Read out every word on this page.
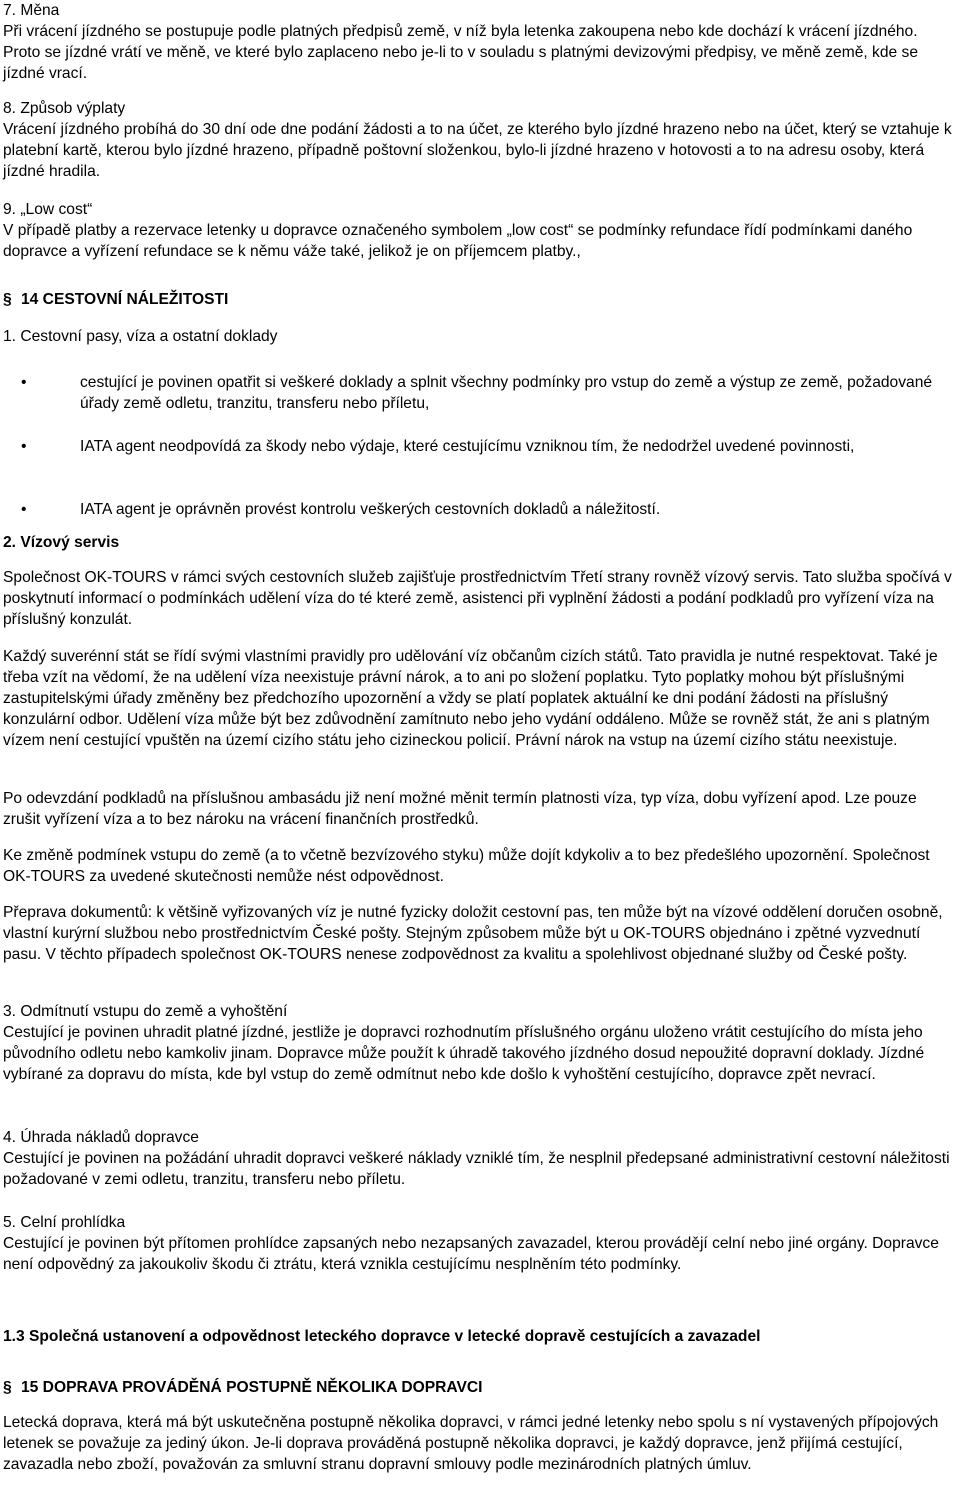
7. Měna

Při vrácení jízdného se postupuje podle platných předpisů země, v níž byla letenka zakoupena nebo kde dochází k vrácení jízdného. Proto se jízdné vrátí ve měně, ve které bylo zaplaceno nebo je-li to v souladu s platnými devizovými předpisy, ve měně země, kde se jízdné vrací.

8. Způsob výplaty

Vrácení jízdného probíhá do 30 dní ode dne podání žádosti a to na účet, ze kterého bylo jízdné hrazeno nebo na účet, který se vztahuje k platební kartě, kterou bylo jízdné hrazeno, případně poštovní složenkou, bylo-li jízdné hrazeno v hotovosti a to na adresu osoby, která jízdné hradila.

9. „Low cost“

V případě platby a rezervace letenky u dopravce označeného symbolem „low cost“ se podmínky refundace řídí podmínkami daného dopravce a vyřízení refundace se k němu váže také, jelikož je on příjemcem platby.,

§ 14 CESTOVNÍ NÁLEŽITOSTI

1. Cestovní pasy, víza a ostatní doklady

•	cestující je povinen opatřit si veškeré doklady a splnit všechny podmínky pro vstup do země a výstup ze země, požadované úřady země odletu, tranzitu, transferu nebo příletu,

•	IATA agent neodpovídá za škody nebo výdaje, které cestujícímu vzniknou tím, že nedodržel uvedené povinnosti,

•	IATA agent je oprávněn provést kontrolu veškerých cestovních dokladů a náležitostí.

2. Vízový servis

Společnost OK-TOURS v rámci svých cestovních služeb zajišťuje prostřednictvím Třetí strany rovněž vízový servis. Tato služba spočívá v poskytnutí informací o podmínkách udělení víza do té které země, asistenci při vyplnění žádosti a podání podkladů pro vyřízení víza na příslušný konzulát.

Každý suverénní stát se řídí svými vlastními pravidly pro udělování víz občanům cizích států. Tato pravidla je nutné respektovat. Také je třeba vzít na vědomí, že na udělení víza neexistuje právní nárok, a to ani po složení poplatku. Tyto poplatky mohou být příslušnými zastupitelskými úřady změněny bez předchozího upozornění a vždy se platí poplatek aktuální ke dni podání žádosti na příslušný konzulární odbor. Udělení víza může být bez zdůvodnění zamítnuto nebo jeho vydání oddáleno. Může se rovněž stát, že ani s platným vízem není cestující vpuštěn na území cizího státu jeho cizineckou policií. Právní nárok na vstup na území cizího státu neexistuje.

Po odevzdání podkladů na příslušnou ambasádu již není možné měnit termín platnosti víza, typ víza, dobu vyřízení apod. Lze pouze zrušit vyřízení víza a to bez nároku na vrácení finančních prostředků.

Ke změně podmínek vstupu do země (a to včetně bezvízového styku) může dojít kdykoliv a to bez předešlého upozornění. Společnost OK-TOURS za uvedené skutečnosti nemůže nést odpovědnost.

Přeprava dokumentů: k většině vyřizovaných víz je nutné fyzicky doložit cestovní pas, ten může být na vízové oddělení doručen osobně, vlastní kurýrní službou nebo prostřednictvím České pošty. Stejným způsobem může být u OK-TOURS objednáno i zpětné vyzvednutí pasu. V těchto případech společnost OK-TOURS nenese zodpovědnost za kvalitu a spolehlivost objednané služby od České pošty.

3. Odmítnutí vstupu do země a vyhoštění

Cestující je povinen uhradit platné jízdné, jestliže je dopravci rozhodnutím příslušného orgánu uloženo vrátit cestujícího do místa jeho původního odletu nebo kamkoliv jinam. Dopravce může použít k úhradě takového jízdného dosud nepoužité dopravní doklady. Jízdné vybírané za dopravu do místa, kde byl vstup do země odmítnut nebo kde došlo k vyhoštění cestujícího, dopravce zpět nevrací.

4. Úhrada nákladů dopravce

Cestující je povinen na požádání uhradit dopravci veškeré náklady vzniklé tím, že nesplnil předepsané administrativní cestovní náležitosti požadované v zemi odletu, tranzitu, transferu nebo příletu.

5. Celní prohlídka

Cestující je povinen být přítomen prohlídce zapsaných nebo nezapsaných zavazadel, kterou provádějí celní nebo jiné orgány. Dopravce není odpovědný za jakoukoliv škodu či ztrátu, která vznikla cestujícímu nesplněním této podmínky.

1.3 Společná ustanovení a odpovědnost leteckého dopravce v letecké dopravě cestujících a zavazadel

§ 15 DOPRAVA PROVÁDĚNÁ POSTUPNĚ NĚKOLIKA DOPRAVCI

Letecká doprava, která má být uskutečněna postupně několika dopravci, v rámci jedné letenky nebo spolu s ní vystavených přípojových letenek se považuje za jediný úkon. Je-li doprava prováděná postupně několika dopravci, je každý dopravce, jenž přijímá cestující, zavazadla nebo zboží, považován za smluvní stranu dopravní smlouvy podle mezinárodních platných úmluv.
